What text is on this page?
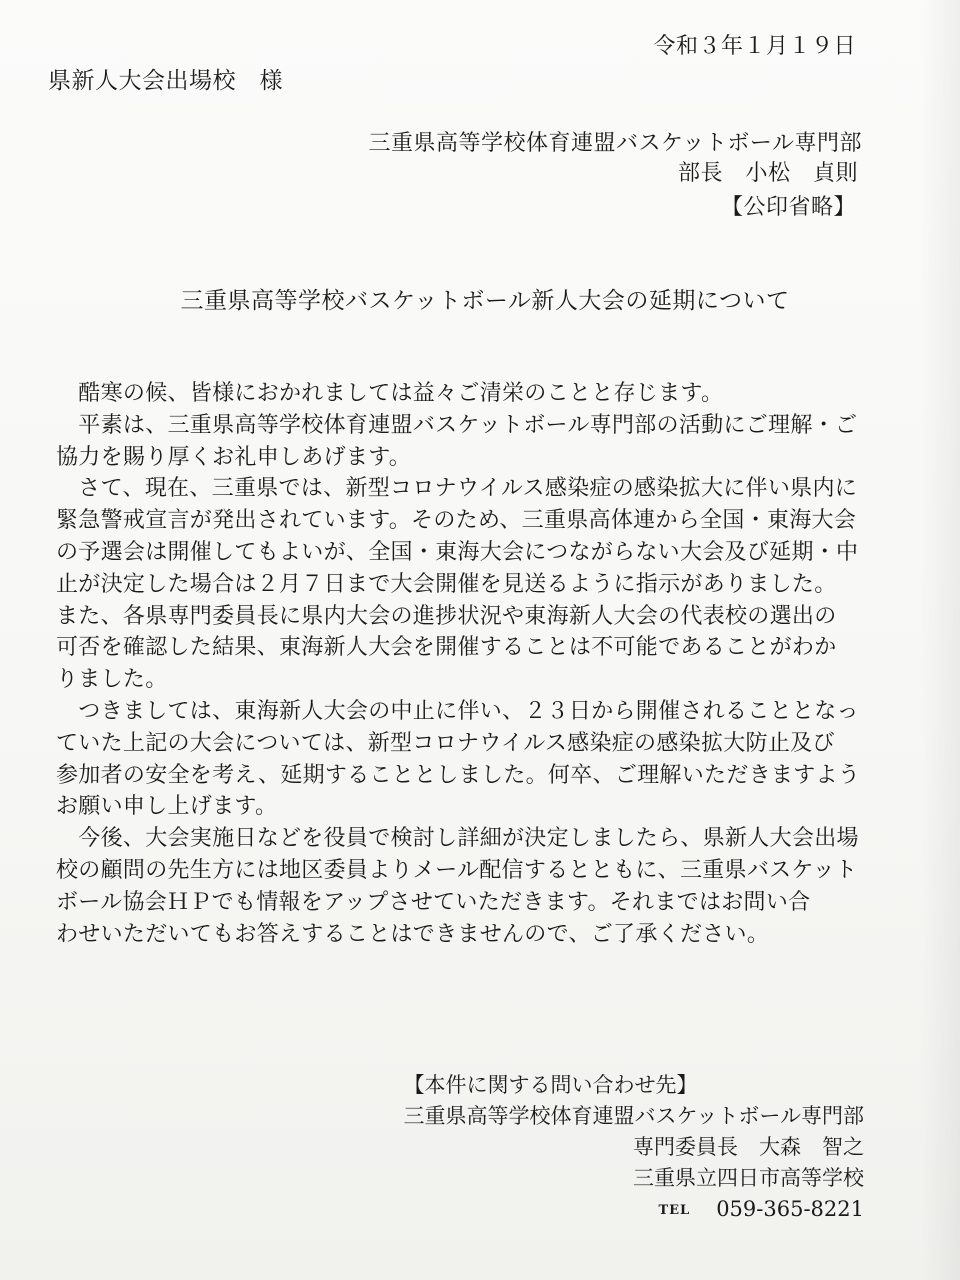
令和３年１月１９日
県新人大会出場校　様
三重県高等学校体育連盟バスケットボール専門部
部長　小松　貞則
【公印省略】
三重県高等学校バスケットボール新人大会の延期について
　酷寒の候、皆様におかれましては益々ご清栄のことと存じます。
　平素は、三重県高等学校体育連盟バスケットボール専門部の活動にご理解・ご
協力を賜り厚くお礼申しあげます。
　さて、現在、三重県では、新型コロナウイルス感染症の感染拡大に伴い県内に
緊急警戒宣言が発出されています。そのため、三重県高体連から全国・東海大会
の予選会は開催してもよいが、全国・東海大会につながらない大会及び延期・中
止が決定した場合は２月７日まで大会開催を見送るように指示がありました。
また、各県専門委員長に県内大会の進捗状況や東海新人大会の代表校の選出の
可否を確認した結果、東海新人大会を開催することは不可能であることがわか
りました。
　つきましては、東海新人大会の中止に伴い、２３日から開催されることとなっ
ていた上記の大会については、新型コロナウイルス感染症の感染拡大防止及び
参加者の安全を考え、延期することとしました。何卒、ご理解いただきますよう
お願い申し上げます。
　今後、大会実施日などを役員で検討し詳細が決定しましたら、県新人大会出場
校の顧問の先生方には地区委員よりメール配信するとともに、三重県バスケット
ボール協会ＨＰでも情報をアップさせていただきます。それまではお問い合
わせいただいてもお答えすることはできませんので、ご了承ください。
【本件に関する問い合わせ先】
三重県高等学校体育連盟バスケットボール専門部
専門委員長　大森　智之
三重県立四日市高等学校
TEL 059-365-8221
